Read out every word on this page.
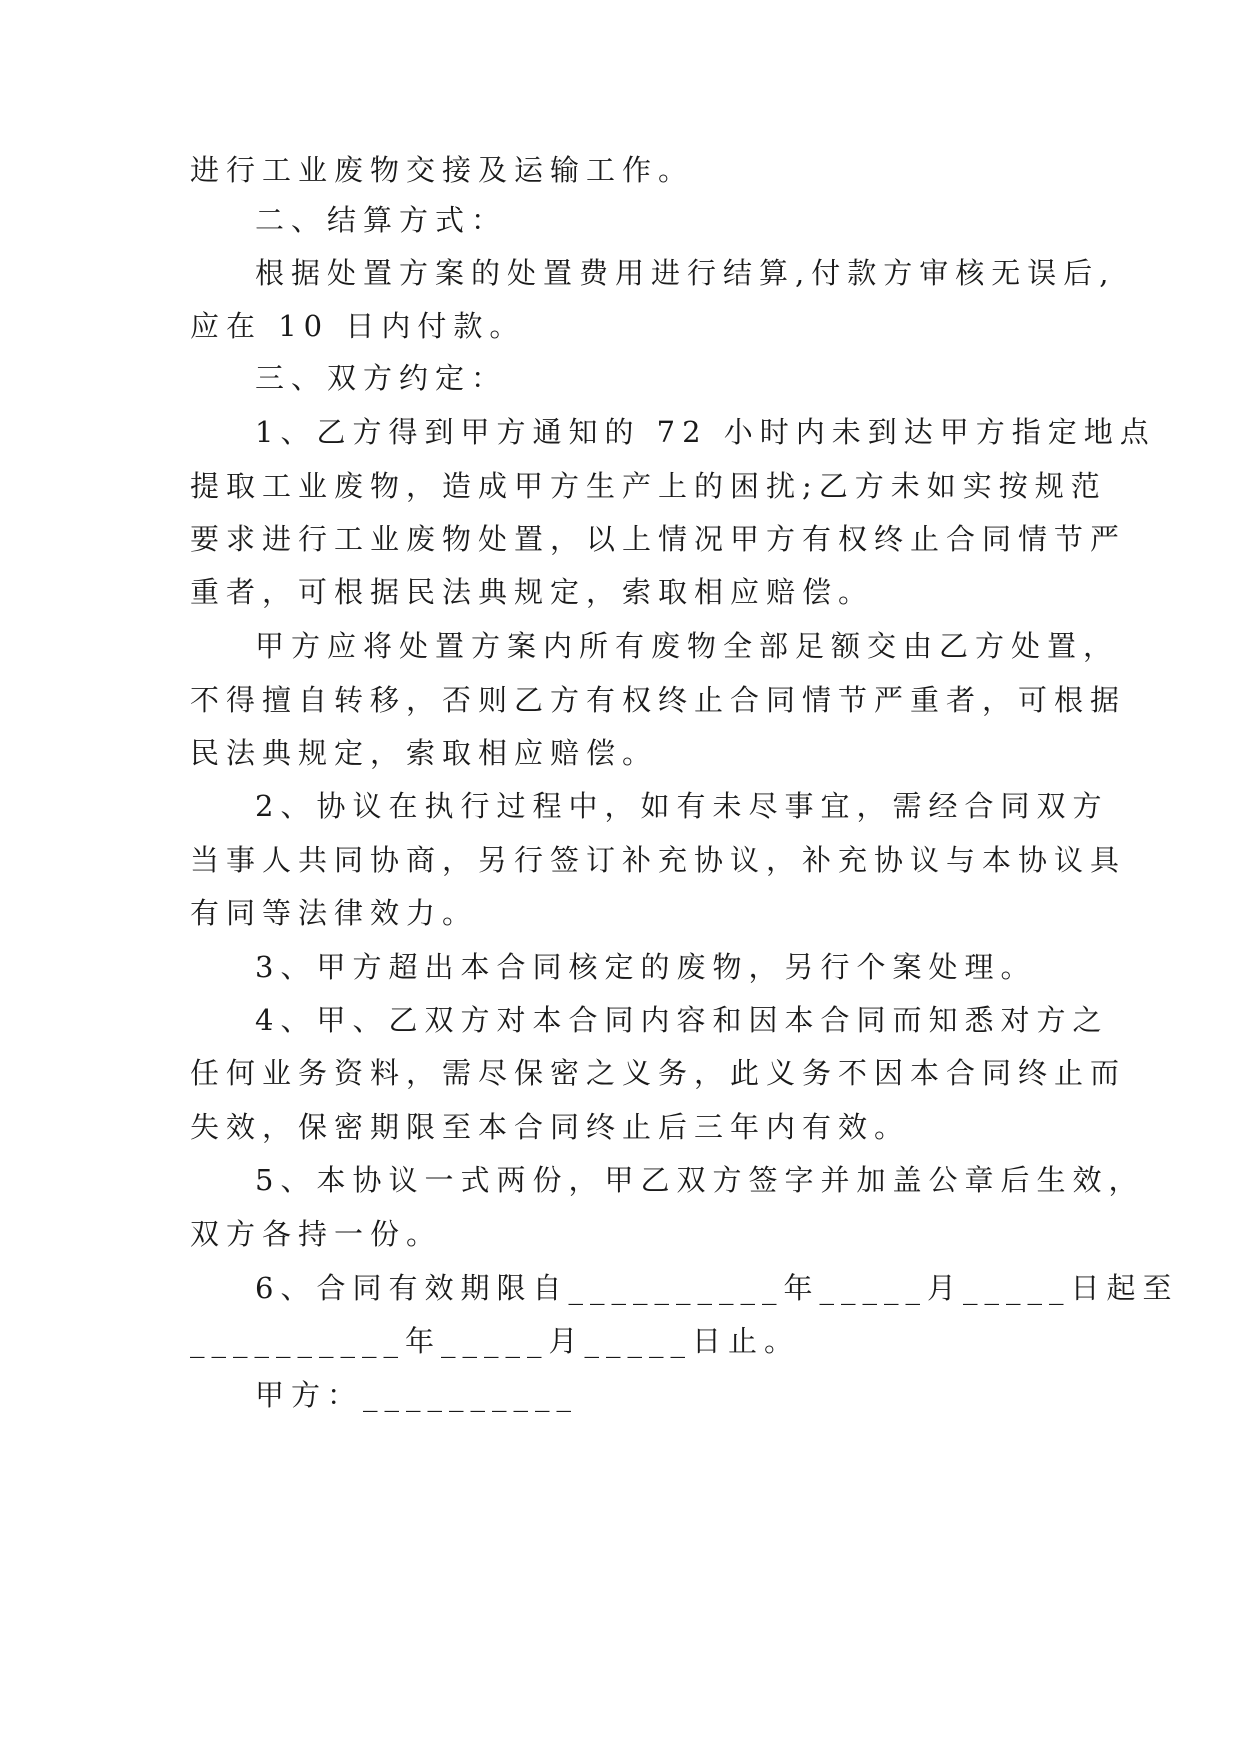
进行工业废物交接及运输工作。
二、结算方式：
根据处置方案的处置费用进行结算,付款方审核无误后,
应在 10 日内付款。
三、双方约定：
1、乙方得到甲方通知的 72 小时内未到达甲方指定地点
提取工业废物，造成甲方生产上的困扰;乙方未如实按规范
要求进行工业废物处置，以上情况甲方有权终止合同情节严
重者，可根据民法典规定，索取相应赔偿。
甲方应将处置方案内所有废物全部足额交由乙方处置，
不得擅自转移，否则乙方有权终止合同情节严重者，可根据
民法典规定，索取相应赔偿。
2、协议在执行过程中，如有未尽事宜，需经合同双方
当事人共同协商，另行签订补充协议，补充协议与本协议具
有同等法律效力。
3、甲方超出本合同核定的废物，另行个案处理。
4、甲、乙双方对本合同内容和因本合同而知悉对方之
任何业务资料，需尽保密之义务，此义务不因本合同终止而
失效，保密期限至本合同终止后三年内有效。
5、本协议一式两份，甲乙双方签字并加盖公章后生效，
双方各持一份。
6、合同有效期限自__________年_____月_____日起至
__________年_____月_____日止。
甲方：__________
